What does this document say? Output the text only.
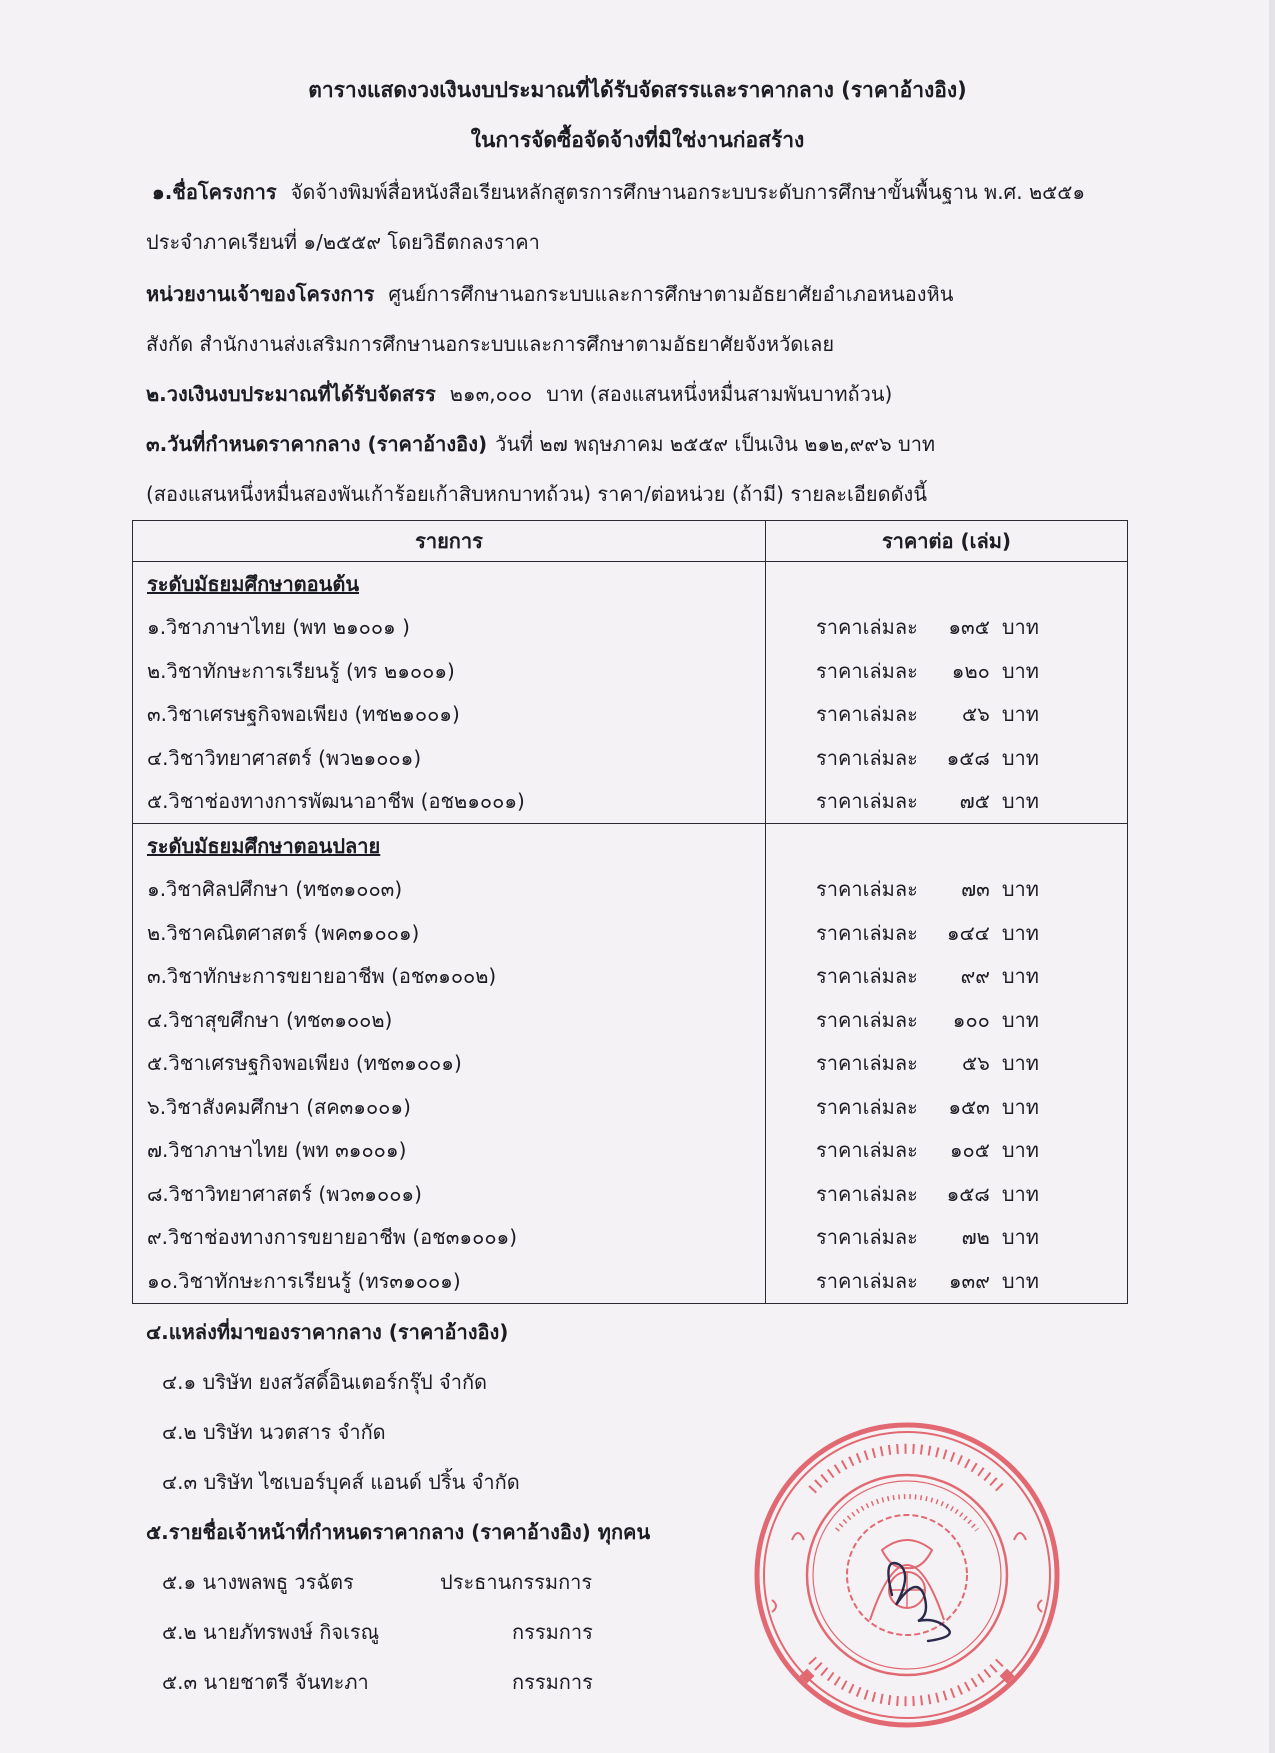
ตารางแสดงวงเงินงบประมาณที่ได้รับจัดสรรและราคากลาง (ราคาอ้างอิง)
ในการจัดซื้อจัดจ้างที่มิใช่งานก่อสร้าง
๑.ชื่อโครงการ จัดจ้างพิมพ์สื่อหนังสือเรียนหลักสูตรการศึกษานอกระบบระดับการศึกษาขั้นพื้นฐาน พ.ศ. ๒๕๕๑
ประจำภาคเรียนที่ ๑/๒๕๕๙ โดยวิธีตกลงราคา
หน่วยงานเจ้าของโครงการ ศูนย์การศึกษานอกระบบและการศึกษาตามอัธยาศัยอำเภอหนองหิน
สังกัด สำนักงานส่งเสริมการศึกษานอกระบบและการศึกษาตามอัธยาศัยจังหวัดเลย
๒.วงเงินงบประมาณที่ได้รับจัดสรร ๒๑๓,๐๐๐ บาท (สองแสนหนึ่งหมื่นสามพันบาทถ้วน)
๓.วันที่กำหนดราคากลาง (ราคาอ้างอิง) วันที่ ๒๗ พฤษภาคม ๒๕๕๙ เป็นเงิน ๒๑๒,๙๙๖ บาท
(สองแสนหนึ่งหมื่นสองพันเก้าร้อยเก้าสิบหกบาทถ้วน) ราคา/ต่อหน่วย (ถ้ามี) รายละเอียดดังนี้
รายการ	ราคาต่อ (เล่ม)
ระดับมัธยมศึกษาตอนต้น	
๑.วิชาภาษาไทย (พท ๒๑๐๐๑ )	ราคาเล่มละ ๑๓๕ บาท
๒.วิชาทักษะการเรียนรู้ (ทร ๒๑๐๐๑)	ราคาเล่มละ ๑๒๐ บาท
๓.วิชาเศรษฐกิจพอเพียง (ทช๒๑๐๐๑)	ราคาเล่มละ ๕๖ บาท
๔.วิชาวิทยาศาสตร์ (พว๒๑๐๐๑)	ราคาเล่มละ ๑๕๘ บาท
๕.วิชาช่องทางการพัฒนาอาชีพ (อช๒๑๐๐๑)	ราคาเล่มละ ๗๕ บาท
ระดับมัธยมศึกษาตอนปลาย	
๑.วิชาศิลปศึกษา (ทช๓๑๐๐๓)	ราคาเล่มละ ๗๓ บาท
๒.วิชาคณิตศาสตร์ (พค๓๑๐๐๑)	ราคาเล่มละ ๑๔๔ บาท
๓.วิชาทักษะการขยายอาชีพ (อช๓๑๐๐๒)	ราคาเล่มละ ๙๙ บาท
๔.วิชาสุขศึกษา (ทช๓๑๐๐๒)	ราคาเล่มละ ๑๐๐ บาท
๕.วิชาเศรษฐกิจพอเพียง (ทช๓๑๐๐๑)	ราคาเล่มละ ๕๖ บาท
๖.วิชาสังคมศึกษา (สค๓๑๐๐๑)	ราคาเล่มละ ๑๕๓ บาท
๗.วิชาภาษาไทย (พท ๓๑๐๐๑)	ราคาเล่มละ ๑๐๕ บาท
๘.วิชาวิทยาศาสตร์ (พว๓๑๐๐๑)	ราคาเล่มละ ๑๕๘ บาท
๙.วิชาช่องทางการขยายอาชีพ (อช๓๑๐๐๑)	ราคาเล่มละ ๗๒ บาท
๑๐.วิชาทักษะการเรียนรู้ (ทร๓๑๐๐๑)	ราคาเล่มละ ๑๓๙ บาท
๔.แหล่งที่มาของราคากลาง (ราคาอ้างอิง)
๔.๑ บริษัท ยงสวัสดิ์อินเตอร์กรุ๊ป จำกัด
๔.๒ บริษัท นวตสาร จำกัด
๔.๓ บริษัท ไซเบอร์บุคส์ แอนด์ ปริ้น จำกัด
๕.รายชื่อเจ้าหน้าที่กำหนดราคากลาง (ราคาอ้างอิง) ทุกคน
๕.๑ นางพลพธู วรฉัตร	ประธานกรรมการ
๕.๒ นายภัทรพงษ์ กิจเรณู	กรรมการ
๕.๓ นายชาตรี จันทะภา	กรรมการ
